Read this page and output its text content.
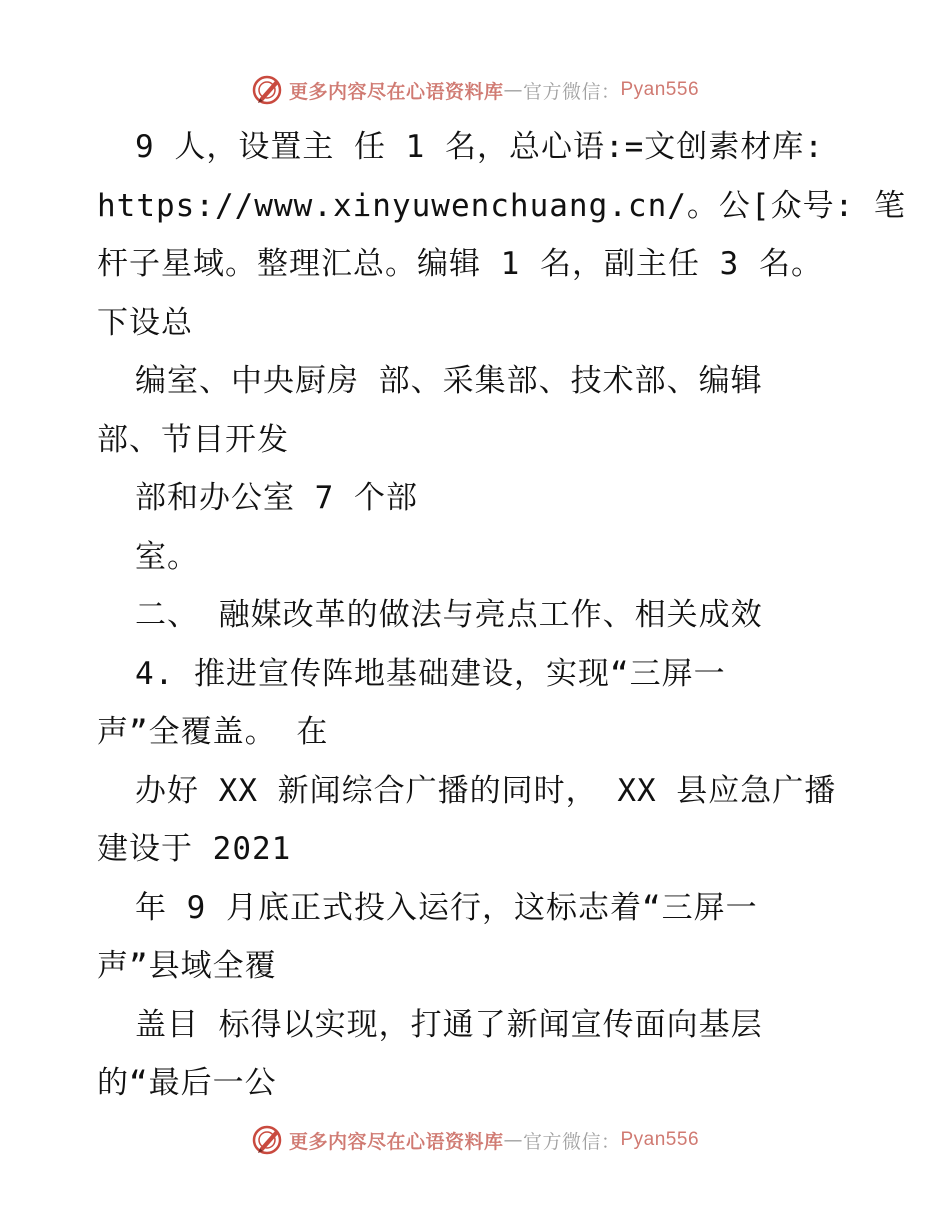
更多内容尽在心语资料库 — 官方微信： Pyan556
9 人，设置主 任 1 名，总心语:=文创素材库:
https://www.xinyuwenchuang.cn/。公[众号: 笔
杆子星域。整理汇总。编辑 1 名，副主任 3 名。
下设总
编室、中央厨房 部、采集部、技术部、编辑
部、节目开发
部和办公室 7 个部
室。
二、 融媒改革的做法与亮点工作、相关成效
4. 推进宣传阵地基础建设，实现“三屏一
声”全覆盖。 在
办好 XX 新闻综合广播的同时， XX 县应急广播
建设于 2021
年 9 月底正式投入运行，这标志着“三屏一
声”县域全覆
盖目 标得以实现，打通了新闻宣传面向基层
的“最后一公
更多内容尽在心语资料库 — 官方微信： Pyan556
